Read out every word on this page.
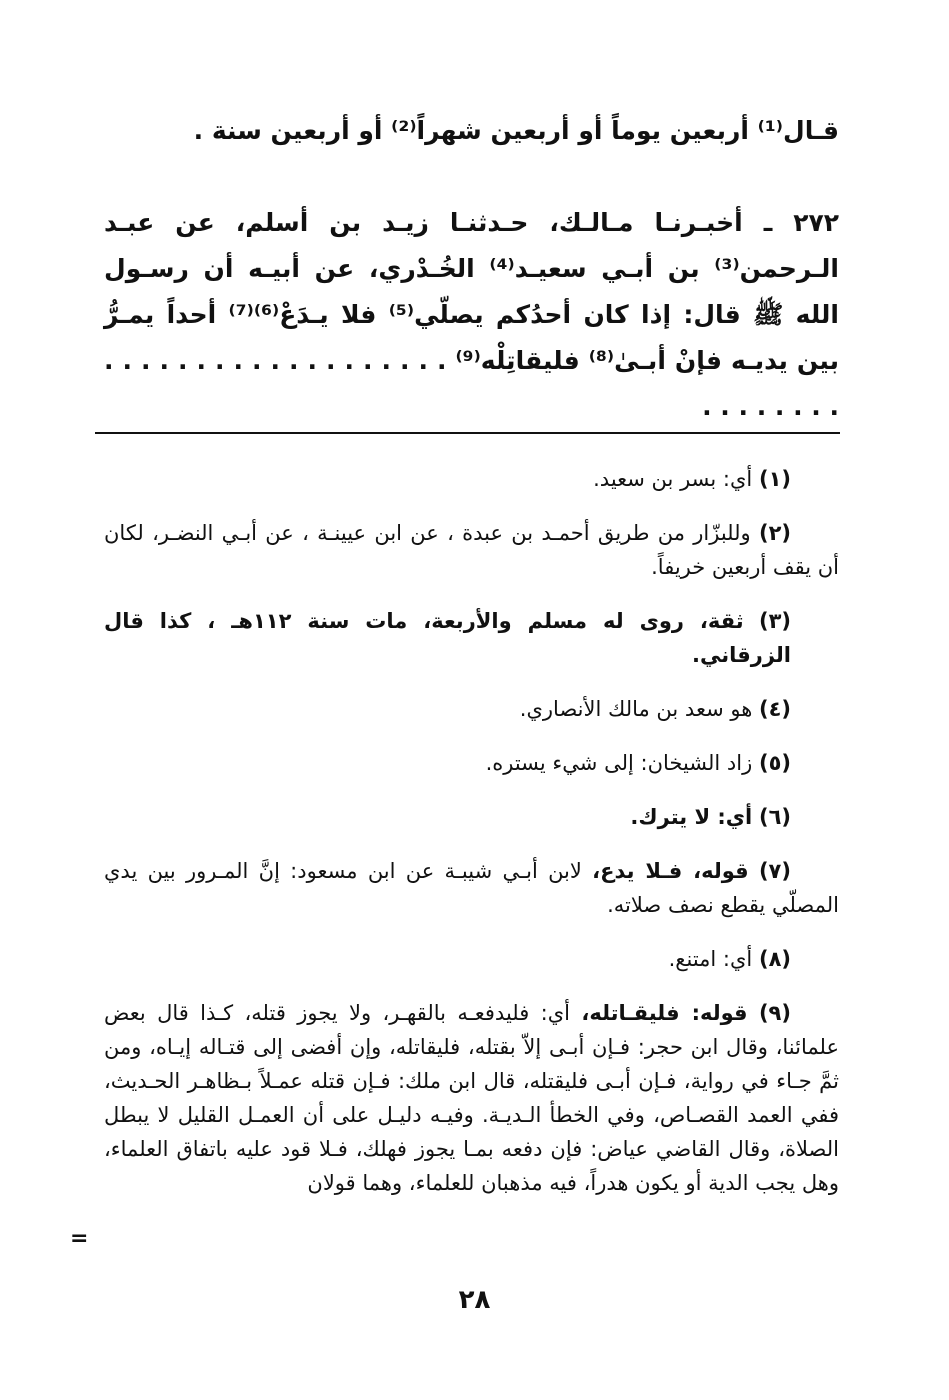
قـال⁽¹⁾ أربعين يوماً أو أربعين شهراً⁽²⁾ أو أربعين سنة .
٢٧٢ ـ أخبـرنـا مـالـك، حـدثنـا زيـد بن أسلم، عن عبـد الـرحمن⁽³⁾ بن أبـي سعيـد⁽⁴⁾ الخُـدْري، عن أبيـه أن رسـول الله ﷺ قال: إذا كان أحدُكم يصلّي⁽⁵⁾ فلا يـدَعْ⁽⁶⁾⁽⁷⁾ أحداً يمـرُّ بين يديـه فإنْ أبـىٰ⁽⁸⁾ فليقاتِلْه⁽⁹⁾ . . . . . . . . . . . . . . . . . . . . . . . . . . .

(١) أي: بسر بن سعيد.

(٢) وللبزّار من طريق أحمـد بن عبدة ، عن ابن عيينـة ، عن أبـي النضـر، لكان أن يقف أربعين خريفاً.

(٣) ثقة، روى له مسلم والأربعة، مات سنة ١١٢هـ ، كذا قال الزرقاني.

(٤) هو سعد بن مالك الأنصاري.

(٥) زاد الشيخان: إلى شيء يستره.

(٦) أي: لا يترك.

(٧) قوله، فـلا يدع، لابن أبـي شيبـة عن ابن مسعود: إنَّ المـرور بين يدي المصلّي يقطع نصف صلاته.

(٨) أي: امتنع.

(٩) قوله: فليقـاتله، أي: فليدفعـه بالقهـر، ولا يجوز قتله، كـذا قال بعض علمائنا، وقال ابن حجر: فـإن أبـى إلاّ بقتله، فليقاتله، وإن أفضى إلى قتـاله إيـاه، ومن ثمَّ جـاء في رواية، فـإن أبـى فليقتله، قال ابن ملك: فـإن قتله عمـلاً بـظاهـر الحـديث، ففي العمد القصـاص، وفي الخطأ الـديـة. وفيـه دليـل على أن العمـل القليل لا يبطل الصلاة، وقال القاضي عياض: فإن دفعه بمـا يجوز فهلك، فـلا قود عليه باتفاق العلماء، وهل يجب الدية أو يكون هدراً، فيه مذهبان للعلماء، وهما قولان

=
٢٨
